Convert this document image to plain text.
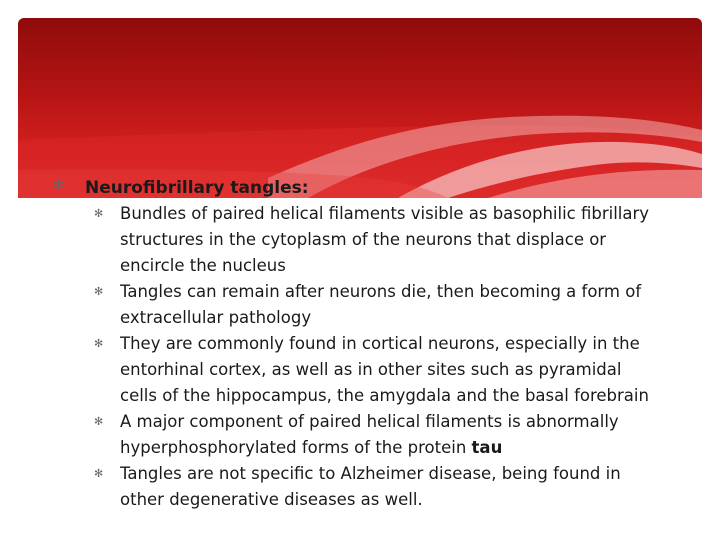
✻ Neurofibrillary tangles:
✻ Bundles of paired helical filaments visible as basophilic fibrillary structures in the cytoplasm of the neurons that displace or encircle the nucleus
✻ Tangles can remain after neurons die, then becoming a form of extracellular pathology
✻ They are commonly found in cortical neurons, especially in the entorhinal cortex, as well as in other sites such as pyramidal cells of the hippocampus, the amygdala and the basal forebrain
✻ A major component of paired helical filaments is abnormally hyperphosphorylated forms of the protein tau
✻ Tangles are not specific to Alzheimer disease, being found in other degenerative diseases as well.
